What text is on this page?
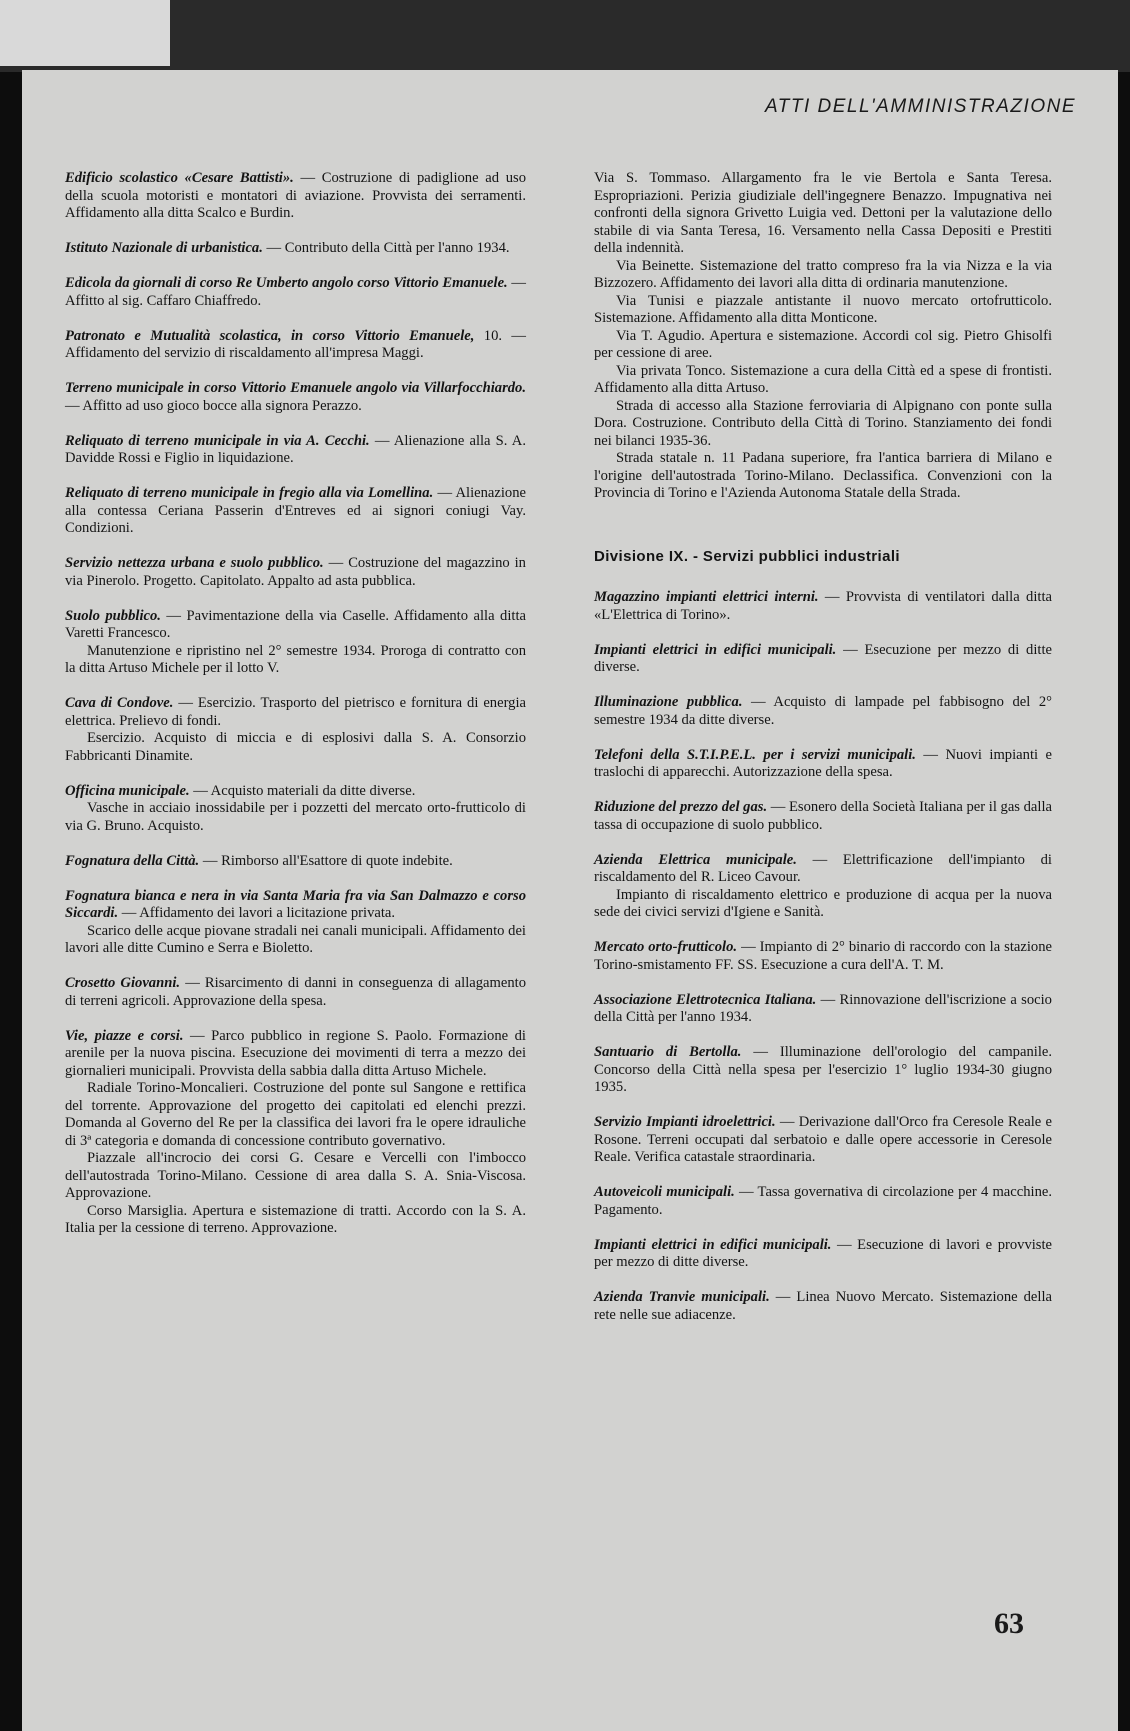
ATTI DELL'AMMINISTRAZIONE

Edificio scolastico «Cesare Battisti». — Costruzione di padiglione ad uso della scuola motoristi e montatori di aviazione. Provvista dei serramenti. Affidamento alla ditta Scalco e Burdin.

Istituto Nazionale di urbanistica. — Contributo della Città per l'anno 1934.

Edicola da giornali di corso Re Umberto angolo corso Vittorio Emanuele. — Affitto al sig. Caffaro Chiaffredo.

Patronato e Mutualità scolastica, in corso Vittorio Emanuele, 10. — Affidamento del servizio di riscaldamento all'impresa Maggi.

Terreno municipale in corso Vittorio Emanuele angolo via Villarfocchiardo. — Affitto ad uso gioco bocce alla signora Perazzo.

Reliquato di terreno municipale in via A. Cecchi. — Alienazione alla S. A. Davidde Rossi e Figlio in liquidazione.

Reliquato di terreno municipale in fregio alla via Lomellina. — Alienazione alla contessa Ceriana Passerin d'Entreves ed ai signori coniugi Vay. Condizioni.

Servizio nettezza urbana e suolo pubblico. — Costruzione del magazzino in via Pinerolo. Progetto. Capitolato. Appalto ad asta pubblica.

Suolo pubblico. — Pavimentazione della via Caselle. Affidamento alla ditta Varetti Francesco.

Manutenzione e ripristino nel 2° semestre 1934. Proroga di contratto con la ditta Artuso Michele per il lotto V.

Cava di Condove. — Esercizio. Trasporto del pietrisco e fornitura di energia elettrica. Prelievo di fondi.

Esercizio. Acquisto di miccia e di esplosivi dalla S. A. Consorzio Fabbricanti Dinamite.

Officina municipale. — Acquisto materiali da ditte diverse.

Vasche in acciaio inossidabile per i pozzetti del mercato orto-frutticolo di via G. Bruno. Acquisto.

Fognatura della Città. — Rimborso all'Esattore di quote indebite.

Fognatura bianca e nera in via Santa Maria fra via San Dalmazzo e corso Siccardi. — Affidamento dei lavori a licitazione privata.

Scarico delle acque piovane stradali nei canali municipali. Affidamento dei lavori alle ditte Cumino e Serra e Bioletto.

Crosetto Giovanni. — Risarcimento di danni in conseguenza di allagamento di terreni agricoli. Approvazione della spesa.

Vie, piazze e corsi. — Parco pubblico in regione S. Paolo. Formazione di arenile per la nuova piscina. Esecuzione dei movimenti di terra a mezzo dei giornalieri municipali. Provvista della sabbia dalla ditta Artuso Michele.

Radiale Torino-Moncalieri. Costruzione del ponte sul Sangone e rettifica del torrente. Approvazione del progetto dei capitolati ed elenchi prezzi. Domanda al Governo del Re per la classifica dei lavori fra le opere idrauliche di 3ª categoria e domanda di concessione contributo governativo.

Piazzale all'incrocio dei corsi G. Cesare e Vercelli con l'imbocco dell'autostrada Torino-Milano. Cessione di area dalla S. A. Snia-Viscosa. Approvazione.

Corso Marsiglia. Apertura e sistemazione di tratti. Accordo con la S. A. Italia per la cessione di terreno. Approvazione.

Via S. Tommaso. Allargamento fra le vie Bertola e Santa Teresa. Espropriazioni. Perizia giudiziale dell'ingegnere Benazzo. Impugnativa nei confronti della signora Grivetto Luigia ved. Dettoni per la valutazione dello stabile di via Santa Teresa, 16. Versamento nella Cassa Depositi e Prestiti della indennità.

Via Beinette. Sistemazione del tratto compreso fra la via Nizza e la via Bizzozero. Affidamento dei lavori alla ditta di ordinaria manutenzione.

Via Tunisi e piazzale antistante il nuovo mercato ortofrutticolo. Sistemazione. Affidamento alla ditta Monticone.

Via T. Agudio. Apertura e sistemazione. Accordi col sig. Pietro Ghisolfi per cessione di aree.

Via privata Tonco. Sistemazione a cura della Città ed a spese di frontisti. Affidamento alla ditta Artuso.

Strada di accesso alla Stazione ferroviaria di Alpignano con ponte sulla Dora. Costruzione. Contributo della Città di Torino. Stanziamento dei fondi nei bilanci 1935-36.

Strada statale n. 11 Padana superiore, fra l'antica barriera di Milano e l'origine dell'autostrada Torino-Milano. Declassifica. Convenzioni con la Provincia di Torino e l'Azienda Autonoma Statale della Strada.

Divisione IX. - Servizi pubblici industriali

Magazzino impianti elettrici interni. — Provvista di ventilatori dalla ditta «L'Elettrica di Torino».

Impianti elettrici in edifici municipali. — Esecuzione per mezzo di ditte diverse.

Illuminazione pubblica. — Acquisto di lampade pel fabbisogno del 2° semestre 1934 da ditte diverse.

Telefoni della S.T.I.P.E.L. per i servizi municipali. — Nuovi impianti e traslochi di apparecchi. Autorizzazione della spesa.

Riduzione del prezzo del gas. — Esonero della Società Italiana per il gas dalla tassa di occupazione di suolo pubblico.

Azienda Elettrica municipale. — Elettrificazione dell'impianto di riscaldamento del R. Liceo Cavour.

Impianto di riscaldamento elettrico e produzione di acqua per la nuova sede dei civici servizi d'Igiene e Sanità.

Mercato orto-frutticolo. — Impianto di 2° binario di raccordo con la stazione Torino-smistamento FF. SS. Esecuzione a cura dell'A. T. M.

Associazione Elettrotecnica Italiana. — Rinnovazione dell'iscrizione a socio della Città per l'anno 1934.

Santuario di Bertolla. — Illuminazione dell'orologio del campanile. Concorso della Città nella spesa per l'esercizio 1° luglio 1934-30 giugno 1935.

Servizio Impianti idroelettrici. — Derivazione dall'Orco fra Ceresole Reale e Rosone. Terreni occupati dal serbatoio e dalle opere accessorie in Ceresole Reale. Verifica catastale straordinaria.

Autoveicoli municipali. — Tassa governativa di circolazione per 4 macchine. Pagamento.

Impianti elettrici in edifici municipali. — Esecuzione di lavori e provviste per mezzo di ditte diverse.

Azienda Tranvie municipali. — Linea Nuovo Mercato. Sistemazione della rete nelle sue adiacenze.

63
